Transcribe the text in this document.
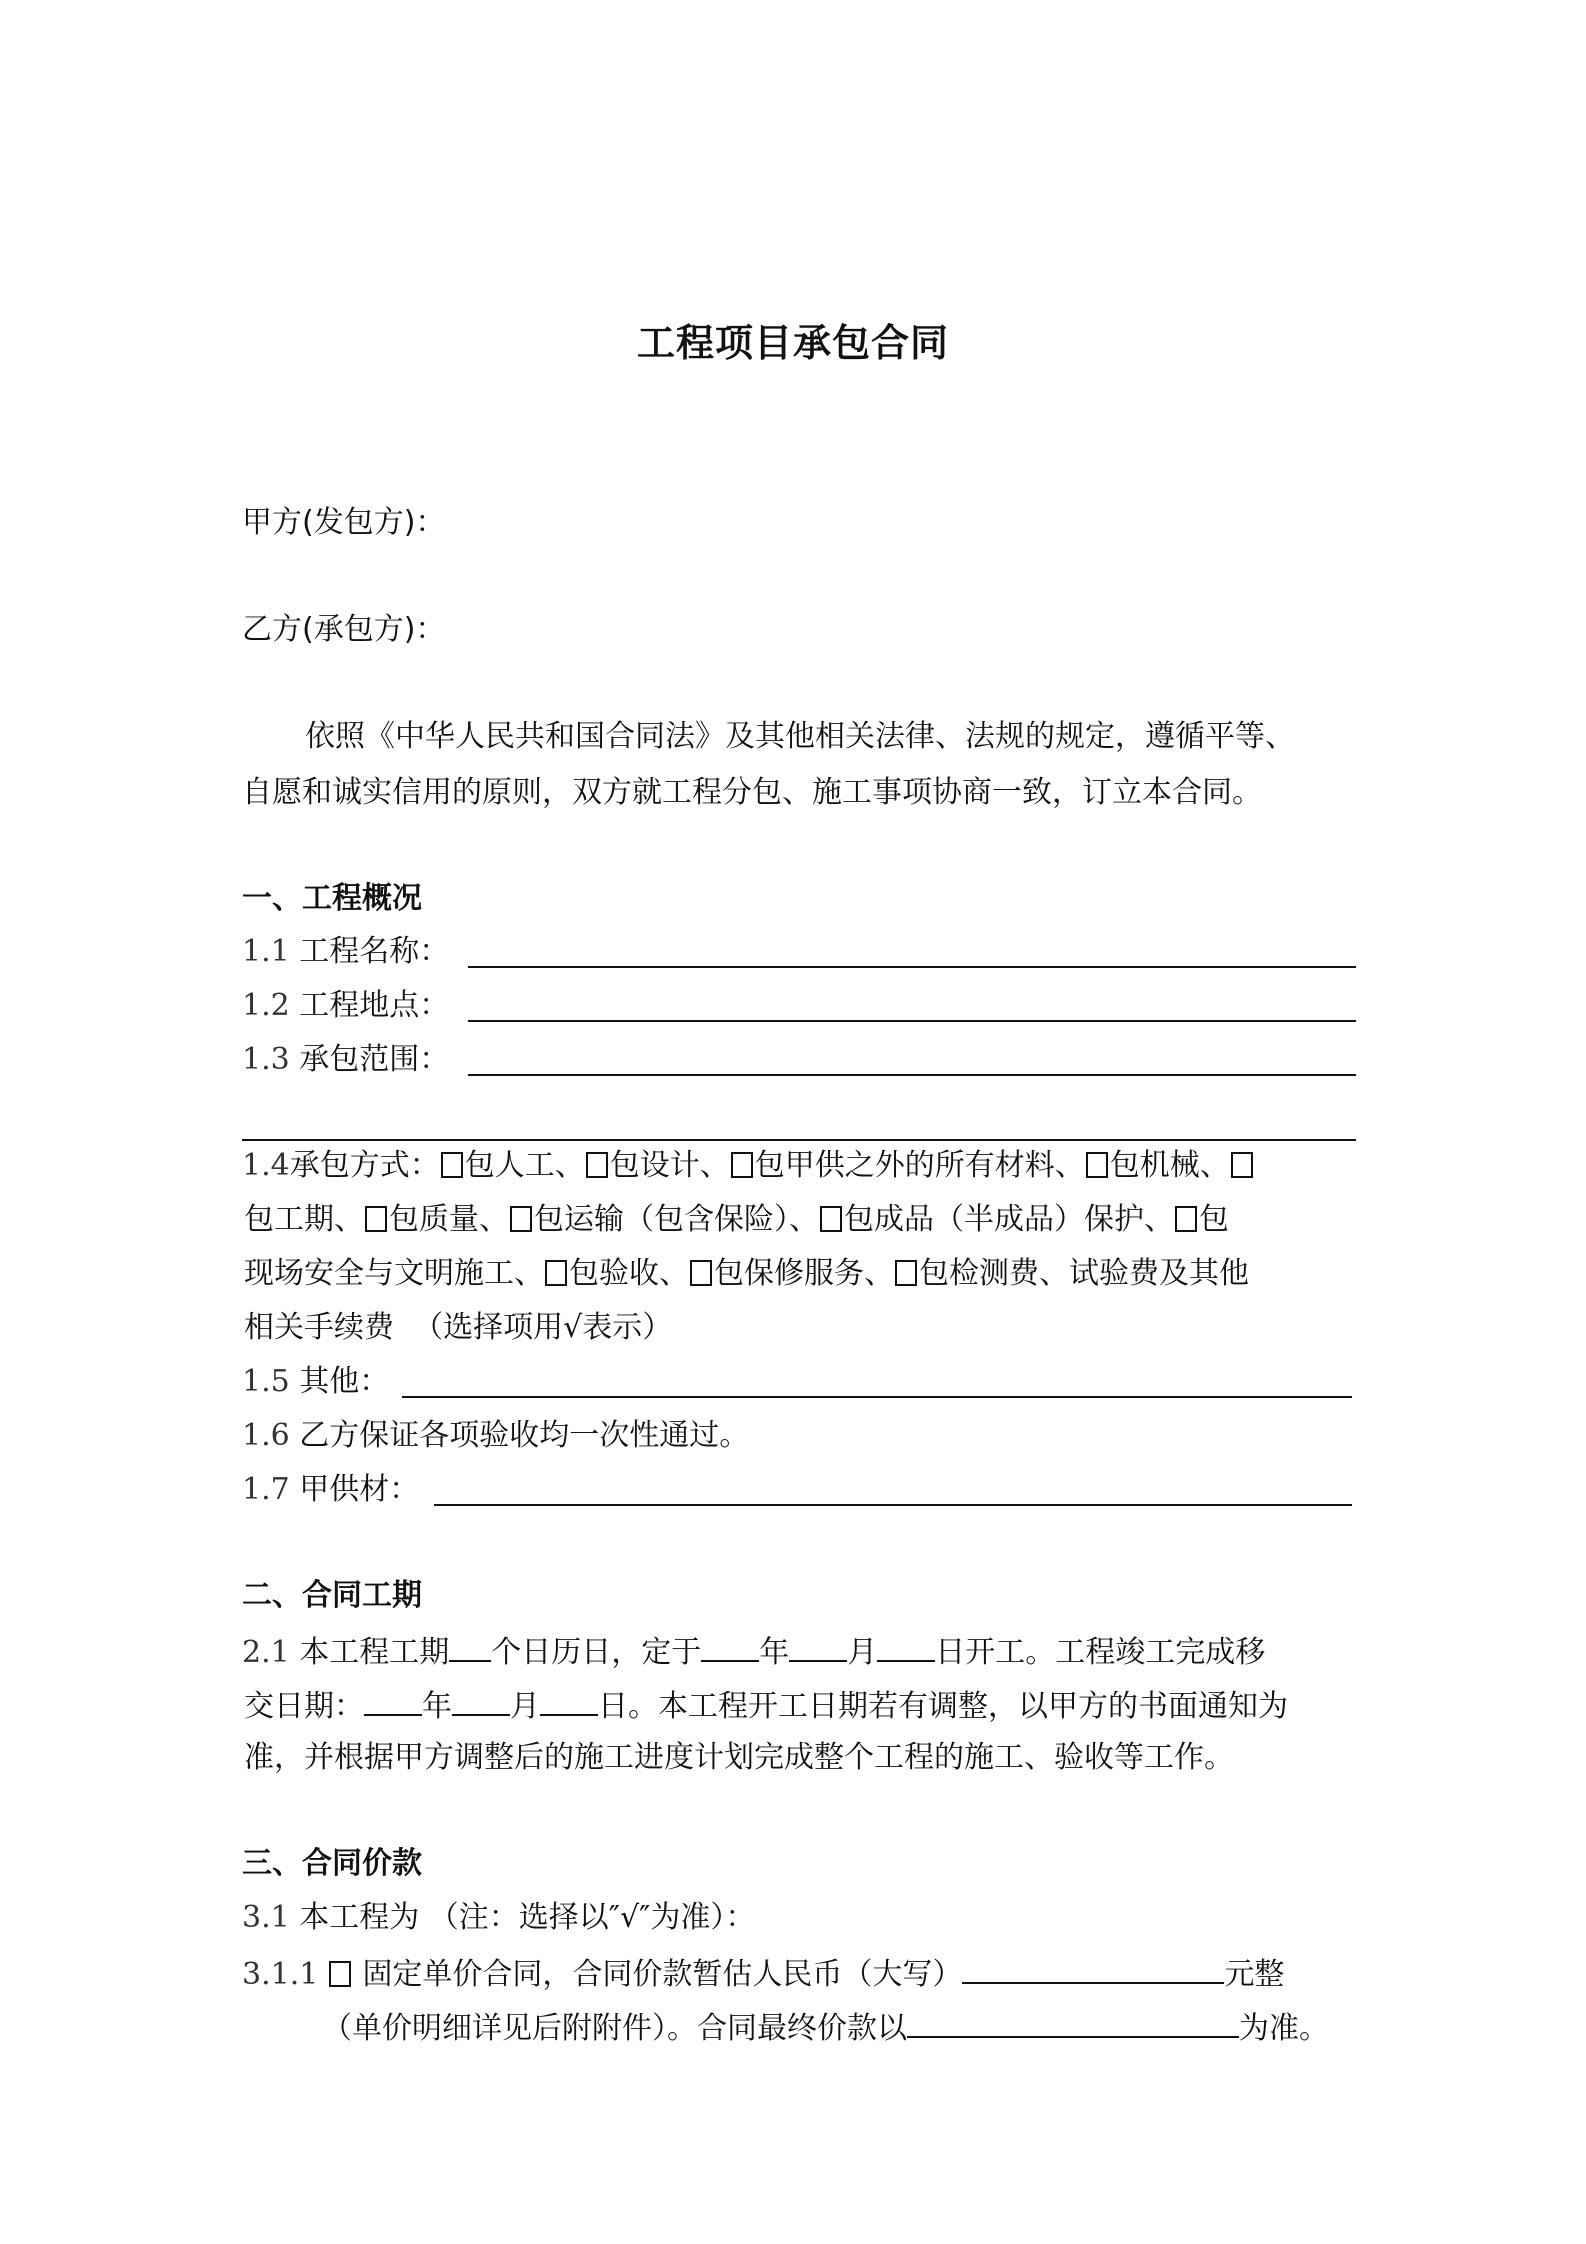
工程项目承包合同
甲方(发包方)：
乙方(承包方)：
依照《中华人民共和国合同法》及其他相关法律、法规的规定，遵循平等、
自愿和诚实信用的原则，双方就工程分包、施工事项协商一致，订立本合同。
一、工程概况
1.1 工程名称：
1.2 工程地点：
1.3 承包范围：
1.4承包方式： 包人工、 包设计、 包甲供之外的所有材料、 包机械、
包工期、 包质量、 包运输（包含保险）、 包成品（半成品）保护、 包
现场安全与文明施工、 包验收、 包保修服务、 包检测费、试验费及其他
相关手续费 （选择项用√表示）
1.5 其他：
1.6 乙方保证各项验收均一次性通过。
1.7 甲供材：
二、合同工期
2.1 本工程工期 个日历日，定于 年 月 日开工。工程竣工完成移
交日期： 年 月 日。本工程开工日期若有调整，以甲方的书面通知为
准，并根据甲方调整后的施工进度计划完成整个工程的施工、验收等工作。
三、合同价款
3.1 本工程为 （注：选择以″√″为准）：
3.1.1 固定单价合同，合同价款暂估人民币（大写）	元整
（单价明细详见后附附件）。合同最终价款以	为准。
